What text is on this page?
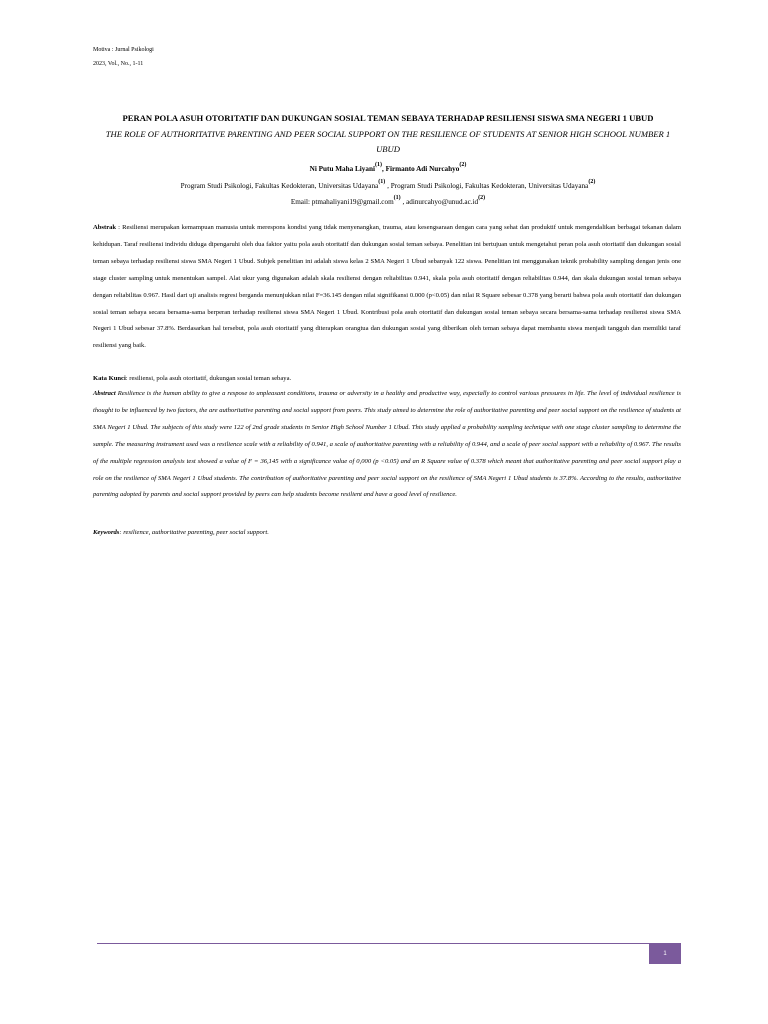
Motiva : Jurnal Psikologi
2023, Vol., No., 1-11
PERAN POLA ASUH OTORITATIF DAN DUKUNGAN SOSIAL TEMAN SEBAYA TERHADAP RESILIENSI SISWA SMA NEGERI 1 UBUD
THE ROLE OF AUTHORITATIVE PARENTING AND PEER SOCIAL SUPPORT ON THE RESILIENCE OF STUDENTS AT SENIOR HIGH SCHOOL NUMBER 1 UBUD
Ni Putu Maha Liyani$^{(1)}$, Firmanto Adi Nurcahyo$^{(2)}$
Program Studi Psikologi, Fakultas Kedokteran, Universitas Udayana$^{(1)}$ , Program Studi Psikologi, Fakultas Kedokteran, Universitas Udayana$^{(2)}$
Email: ptmahaliyani19@gmail.com$^{(1)}$ , $adinurcahyo@unud.ac.id^{(2)}$
Abstrak : Resiliensi merupakan kemampuan manusia untuk merespons kondisi yang tidak menyenangkan, trauma, atau kesengsaraan dengan cara yang sehat dan produktif untuk mengendalikan berbagai tekanan dalam kehidupan. Taraf resiliensi individu diduga dipengaruhi oleh dua faktor yaitu pola asuh otoritatif dan dukungan sosial teman sebaya. Penelitian ini bertujuan untuk mengetahui peran pola asuh otoritatif dan dukungan sosial teman sebaya terhadap resiliensi siswa SMA Negeri 1 Ubud. Subjek penelitian ini adalah siswa kelas 2 SMA Negeri 1 Ubud sebanyak 122 siswa. Penelitian ini menggunakan teknik probability sampling dengan jenis one stage cluster sampling untuk menentukan sampel. Alat ukur yang digunakan adalah skala resiliensi dengan reliabilitas 0.941, skala pola asuh otoritatif dengan reliabilitas 0.944, dan skala dukungan sosial teman sebaya dengan reliabilitas 0.967. Hasil dari uji analisis regresi berganda menunjukkan nilai F=36.145 dengan nilai signifikansi 0.000 (p<0.05) dan nilai R Square sebesar 0.378 yang berarti bahwa pola asuh otoritatif dan dukungan sosial teman sebaya secara bersama-sama berperan terhadap resiliensi siswa SMA Negeri 1 Ubud. Kontribusi pola asuh otoritatif dan dukungan sosial teman sebaya secara bersama-sama terhadap resiliensi siswa SMA Negeri 1 Ubud sebesar 37.8%. Berdasarkan hal tersebut, pola asuh otoritatif yang diterapkan orangtua dan dukungan sosial yang diberikan oleh teman sebaya dapat membantu siswa menjadi tangguh dan memiliki taraf resiliensi yang baik.
Kata Kunci: resiliensi, pola asuh otoritatif, dukungan sosial teman sebaya.
Abstract Resilience is the human ability to give a respose to unpleasant conditions, trauma or adversity in a healthy and productive way, especially to control various pressures in life. The level of individual resilience is thought to be influenced by two factors, the are authoritative parenting and social support from peers. This study aimed to determine the role of authoritative parenting and peer social support on the resilience of students at SMA Negeri 1 Ubud. The subjects of this study were 122 of 2nd grade students in Senior High School Number 1 Ubud. This study applied a probability sampling technique with one stage cluster sampling to determine the sample. The measuring instrument used was a resilience scale with a reliability of 0.941, a scale of authoritative parenting with a reliability of 0.944, and a scale of peer social support with a reliability of 0.967. The results of the multiple regression analysis test showed a value of F = 36,145 with a significance value of 0,000 (p <0.05) and an R Square value of 0.378 which meant that authoritative parenting and peer social support play a role on the resilience of SMA Negeri 1 Ubud students. The contribution of authoritative parenting and peer social support on the resilience of SMA Negeri 1 Ubud students is 37.8%. According to the results, authoritative parenting adopted by parents and social support provided by peers can help students become resilient and have a good level of resilience.
Keywords: resilience, authoritative parenting, peer social support.
1
